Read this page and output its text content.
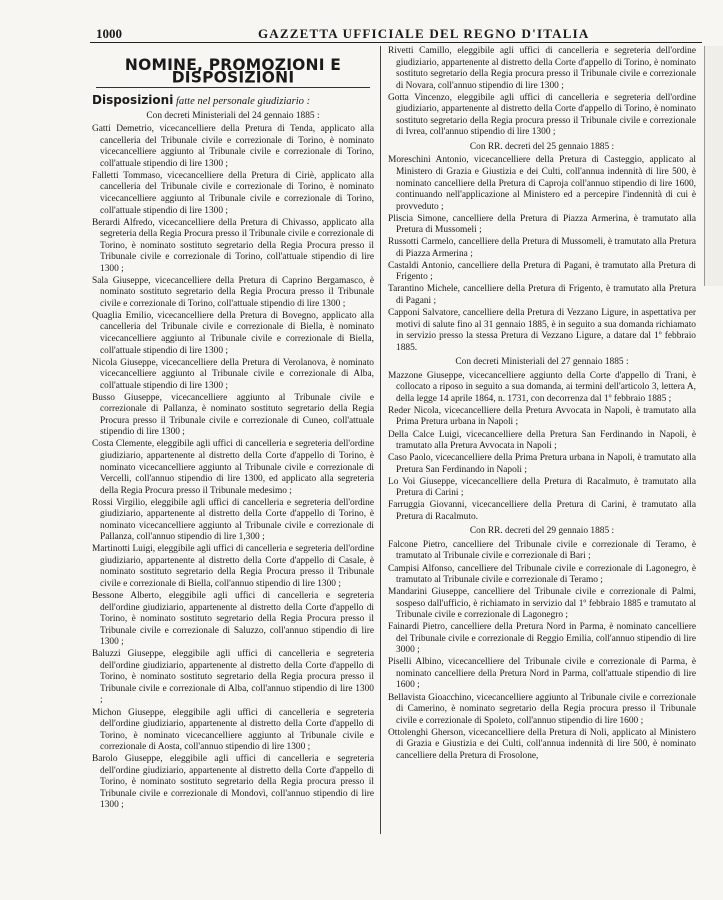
1000	GAZZETTA UFFICIALE DEL REGNO D'ITALIA
NOMINE, PROMOZIONI E DISPOSIZIONI
Disposizioni fatte nel personale giudiziario :
Con decreti Ministeriali del 24 gennaio 1885 :
Gatti Demetrio, vicecancelliere della Pretura di Tenda, applicato alla cancelleria del Tribunale civile e correzionale di Torino, è nominato vicecancelliere aggiunto al Tribunale civile e correzionale di Torino, coll'attuale stipendio di lire 1300 ;
Falletti Tommaso, vicecancelliere della Pretura di Ciriè, applicato alla cancelleria del Tribunale civile e correzionale di Torino, è nominato vicecancelliere aggiunto al Tribunale civile e correzionale di Torino, coll'attuale stipendio di lire 1300 ;
Berardi Alfredo, vicecancelliere della Pretura di Chivasso, applicato alla segreteria della Regia Procura presso il Tribunale civile e correzionale di Torino, è nominato sostituto segretario della Regia Procura presso il Tribunale civile e correzionale di Torino, coll'attuale stipendio di lire 1300 ;
Sala Giuseppe, vicecancelliere della Pretura di Caprino Bergamasco, è nominato sostituto segretario della Regia Procura presso il Tribunale civile e correzionale di Torino, coll'attuale stipendio di lire 1300 ;
Quaglia Emilio, vicecancelliere della Pretura di Bovegno, applicato alla cancelleria del Tribunale civile e correzionale di Biella, è nominato vicecancelliere aggiunto al Tribunale civile e correzionale di Biella, coll'attuale stipendio di lire 1300 ;
Nicola Giuseppe, vicecancelliere della Pretura di Verolanova, è nominato vicecancelliere aggiunto al Tribunale civile e correzionale di Alba, coll'attuale stipendio di lire 1300 ;
Busso Giuseppe, vicecancelliere aggiunto al Tribunale civile e correzionale di Pallanza, è nominato sostituto segretario della Regia Procura presso il Tribunale civile e correzionale di Cuneo, coll'attuale stipendio di lire 1300 ;
Costa Clemente, eleggibile agli uffici di cancelleria e segreteria dell'ordine giudiziario, appartenente al distretto della Corte d'appello di Torino, è nominato vicecancelliere aggiunto al Tribunale civile e correzionale di Vercelli, coll'annuo stipendio di lire 1300, ed applicato alla segreteria della Regia Procura presso il Tribunale medesimo ;
Rossi Virgilio, eleggibile agli uffici di cancelleria e segreteria dell'ordine giudiziario, appartenente al distretto della Corte d'appello di Torino, è nominato vicecancelliere aggiunto al Tribunale civile e correzionale di Pallanza, coll'annuo stipendio di lire 1,300 ;
Martinotti Luigi, eleggibile agli uffici di cancelleria e segreteria dell'ordine giudiziario, appartenente al distretto della Corte d'appello di Casale, è nominato sostituto segretario della Regia Procura presso il Tribunale civile e correzionale di Biella, coll'annuo stipendio di lire 1300 ;
Bessone Alberto, eleggibile agli uffici di cancelleria e segreteria dell'ordine giudiziario, appartenente al distretto della Corte d'appello di Torino, è nominato sostituto segretario della Regia Procura presso il Tribunale civile e correzionale di Saluzzo, coll'annuo stipendio di lire 1300 ;
Baluzzi Giuseppe, eleggibile agli uffici di cancelleria e segreteria dell'ordine giudiziario, appartenente al distretto della Corte d'appello di Torino, è nominato sostituto segretario della Regia procura presso il Tribunale civile e correzionale di Alba, coll'annuo stipendio di lire 1300 ;
Michon Giuseppe, eleggibile agli uffici di cancelleria e segreteria dell'ordine giudiziario, appartenente al distretto della Corte d'appello di Torino, è nominato vicecancelliere aggiunto al Tribunale civile e correzionale di Aosta, coll'annuo stipendio di lire 1300 ;
Barolo Giuseppe, eleggibile agli uffici di cancelleria e segreteria dell'ordine giudiziario, appartenente al distretto della Corte d'appello di Torino, è nominato sostituto segretario della Regia procura presso il Tribunale civile e correzionale di Mondovì, coll'annuo stipendio di lire 1300 ;
Rivetti Camillo, eleggibile agli uffici di cancelleria e segreteria dell'ordine giudiziario, appartenente al distretto della Corte d'appello di Torino, è nominato sostituto segretario della Regia procura presso il Tribunale civile e correzionale di Novara, coll'annuo stipendio di lire 1300 ;
Gotta Vincenzo, eleggibile agli uffici di cancelleria e segreteria dell'ordine giudiziario, appartenente al distretto della Corte d'appello di Torino, è nominato sostituto segretario della Regia procura presso il Tribunale civile e correzionale di Ivrea, coll'annuo stipendio di lire 1300 ;
Con RR. decreti del 25 gennaio 1885 :
Moreschini Antonio, vicecancelliere della Pretura di Casteggio, applicato al Ministero di Grazia e Giustizia e dei Culti, coll'annua indennità di lire 500, è nominato cancelliere della Pretura di Caproja coll'annuo stipendio di lire 1600, continuando nell'applicazione al Ministero ed a percepire l'indennità di cui è provveduto ;
Pliscia Simone, cancelliere della Pretura di Piazza Armerina, è tramutato alla Pretura di Mussomeli ;
Russotti Carmelo, cancelliere della Pretura di Mussomeli, è tramutato alla Pretura di Piazza Armerina ;
Castaldi Antonio, cancelliere della Pretura di Pagani, è tramutato alla Pretura di Frigento ;
Tarantino Michele, cancelliere della Pretura di Frigento, è tramutato alla Pretura di Pagani ;
Capponi Salvatore, cancelliere della Pretura di Vezzano Ligure, in aspettativa per motivi di salute fino al 31 gennaio 1885, è in seguito a sua domanda richiamato in servizio presso la stessa Pretura di Vezzano Ligure, a datare dal 1º febbraio 1885.
Con decreti Ministeriali del 27 gennaio 1885 :
Mazzone Giuseppe, vicecancelliere aggiunto della Corte d'appello di Trani, è collocato a riposo in seguito a sua domanda, ai termini dell'articolo 3, lettera A, della legge 14 aprile 1864, n. 1731, con decorrenza dal 1º febbraio 1885 ;
Reder Nicola, vicecancelliere della Pretura Avvocata in Napoli, è tramutato alla Prima Pretura urbana in Napoli ;
Della Calce Luigi, vicecancelliere della Pretura San Ferdinando in Napoli, è tramutato alla Pretura Avvocata in Napoli ;
Caso Paolo, vicecancelliere della Prima Pretura urbana in Napoli, è tramutato alla Pretura San Ferdinando in Napoli ;
Lo Voi Giuseppe, vicecancelliere della Pretura di Racalmuto, è tramutato alla Pretura di Carini ;
Farruggia Giovanni, vicecancelliere della Pretura di Carini, è tramutato alla Pretura di Racalmuto.
Con RR. decreti del 29 gennaio 1885 :
Falcone Pietro, cancelliere del Tribunale civile e correzionale di Teramo, è tramutato al Tribunale civile e correzionale di Bari ;
Campisi Alfonso, cancelliere del Tribunale civile e correzionale di Lagonegro, è tramutato al Tribunale civile e correzionale di Teramo ;
Mandarini Giuseppe, cancelliere del Tribunale civile e correzionale di Palmi, sospeso dall'ufficio, è richiamato in servizio dal 1º febbraio 1885 e tramutato al Tribunale civile e correzionale di Lagonegro ;
Fainardi Pietro, cancelliere della Pretura Nord in Parma, è nominato cancelliere del Tribunale civile e correzionale di Reggio Emilia, coll'annuo stipendio di lire 3000 ;
Piselli Albino, vicecancelliere del Tribunale civile e correzionale di Parma, è nominato cancelliere della Pretura Nord in Parma, coll'attuale stipendio di lire 1600 ;
Bellavista Gioacchino, vicecancelliere aggiunto al Tribunale civile e correzionale di Camerino, è nominato segretario della Regia procura presso il Tribunale civile e correzionale di Spoleto, coll'annuo stipendio di lire 1600 ;
Ottolenghi Gherson, vicecancelliere della Pretura di Noli, applicato al Ministero di Grazia e Giustizia e dei Culti, coll'annua indennità di lire 500, è nominato cancelliere della Pretura di Frosolone,
